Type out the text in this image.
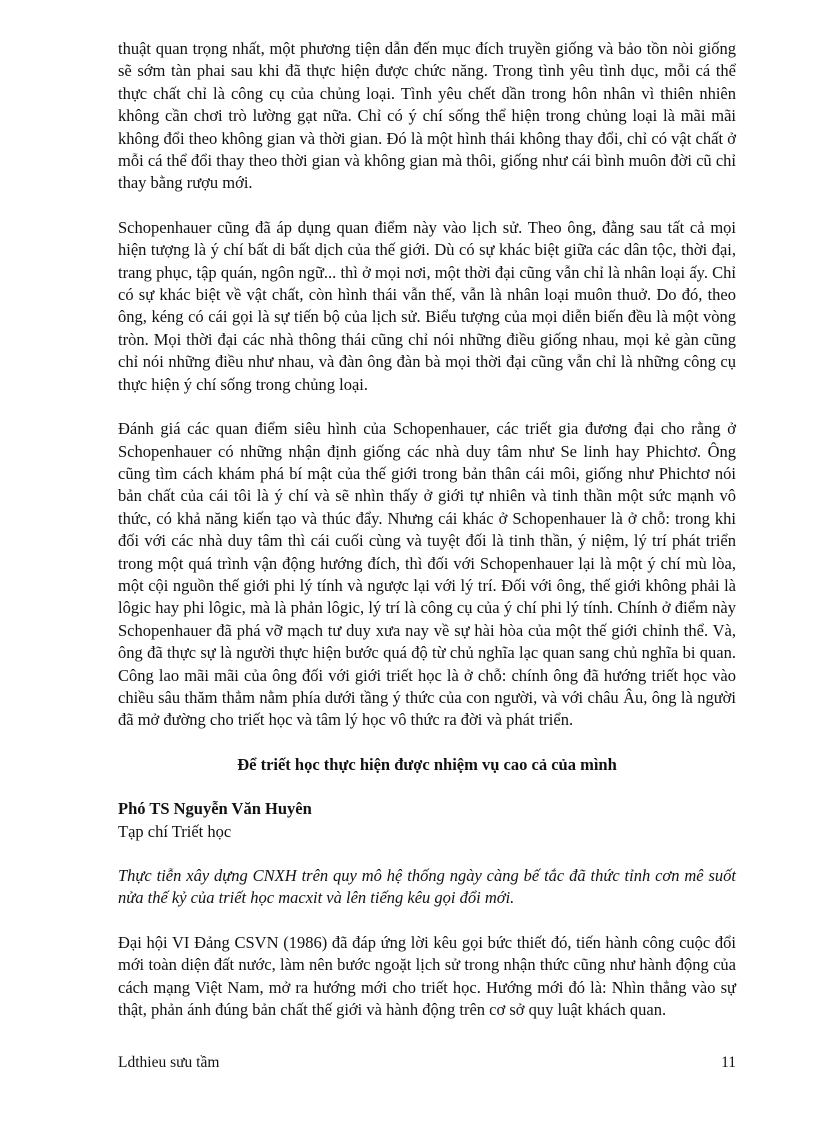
thuật quan trọng nhất, một phương tiện dẫn đến mục đích truyền giống và bảo tồn nòi giống sẽ sớm tàn phai sau khi đã thực hiện được chức năng. Trong tình yêu tình dục, mỗi cá thể thực chất chỉ là công cụ của chủng loại. Tình yêu chết dần trong hôn nhân vì thiên nhiên không cần chơi trò lường gạt nữa. Chỉ có ý chí sống thể hiện trong chủng loại là mãi mãi không đổi theo không gian và thời gian. Đó là một hình thái không thay đổi, chỉ có vật chất ở mỗi cá thể đổi thay theo thời gian và không gian mà thôi, giống như cái bình muôn đời cũ chỉ thay bằng rượu mới.

Schopenhauer cũng đã áp dụng quan điểm này vào lịch sử. Theo ông, đằng sau tất cả mọi hiện tượng là ý chí bất di bất dịch của thế giới. Dù có sự khác biệt giữa các dân tộc, thời đại, trang phục, tập quán, ngôn ngữ... thì ở mọi nơi, một thời đại cũng vẫn chỉ là nhân loại ấy. Chỉ có sự khác biệt về vật chất, còn hình thái vẫn thế, vẫn là nhân loại muôn thuở. Do đó, theo ông, kéng có cái gọi là sự tiến bộ của lịch sử. Biểu tượng của mọi diễn biến đều là một vòng tròn. Mọi thời đại các nhà thông thái cũng chỉ nói những điều giống nhau, mọi kẻ gàn cũng chỉ nói những điều như nhau, và đàn ông đàn bà mọi thời đại cũng vẫn chỉ là những công cụ thực hiện ý chí sống trong chủng loại.

Đánh giá các quan điểm siêu hình của Schopenhauer, các triết gia đương đại cho rằng ở Schopenhauer có những nhận định giống các nhà duy tâm như Se linh hay Phichtơ. Ông cũng tìm cách khám phá bí mật của thế giới trong bản thân cái môi, giống như Phichtơ nói bản chất của cái tôi là ý chí và sẽ nhìn thấy ở giới tự nhiên và tinh thần một sức mạnh vô thức, có khả năng kiến tạo và thúc đẩy. Nhưng cái khác ở Schopenhauer là ở chỗ: trong khi đối với các nhà duy tâm thì cái cuối cùng và tuyệt đối là tinh thần, ý niệm, lý trí phát triển trong một quá trình vận động hướng đích, thì đối với Schopenhauer lại là một ý chí mù lòa, một cội nguồn thế giới phi lý tính và ngược lại với lý trí. Đối với ông, thế giới không phải là lôgic hay phi lôgic, mà là phản lôgic, lý trí là công cụ của ý chí phi lý tính. Chính ở điểm này Schopenhauer đã phá vỡ mạch tư duy xưa nay về sự hài hòa của một thế giới chỉnh thể. Và, ông đã thực sự là người thực hiện bước quá độ từ chủ nghĩa lạc quan sang chủ nghĩa bi quan. Công lao mãi mãi của ông đối với giới triết học là ở chỗ: chính ông đã hướng triết học vào chiều sâu thăm thẳm nằm phía dưới tầng ý thức của con người, và với châu Âu, ông là người đã mở đường cho triết học và tâm lý học vô thức ra đời và phát triển.

Để triết học thực hiện được nhiệm vụ cao cả của mình

Phó TS Nguyễn Văn Huyên

Tạp chí Triết học

Thực tiễn xây dựng CNXH trên quy mô hệ thống ngày càng bế tắc đã thức tỉnh cơn mê suốt nửa thế kỷ của triết học macxit và lên tiếng kêu gọi đổi mới.

Đại hội VI Đảng CSVN (1986) đã đáp ứng lời kêu gọi bức thiết đó, tiến hành công cuộc đổi mới toàn diện đất nước, làm nên bước ngoặt lịch sử trong nhận thức cũng như hành động của cách mạng Việt Nam, mở ra hướng mới cho triết học. Hướng mới đó là: Nhìn thẳng vào sự thật, phản ánh đúng bản chất thế giới và hành động trên cơ sở quy luật khách quan.

Ldthieu sưu tầm	11
